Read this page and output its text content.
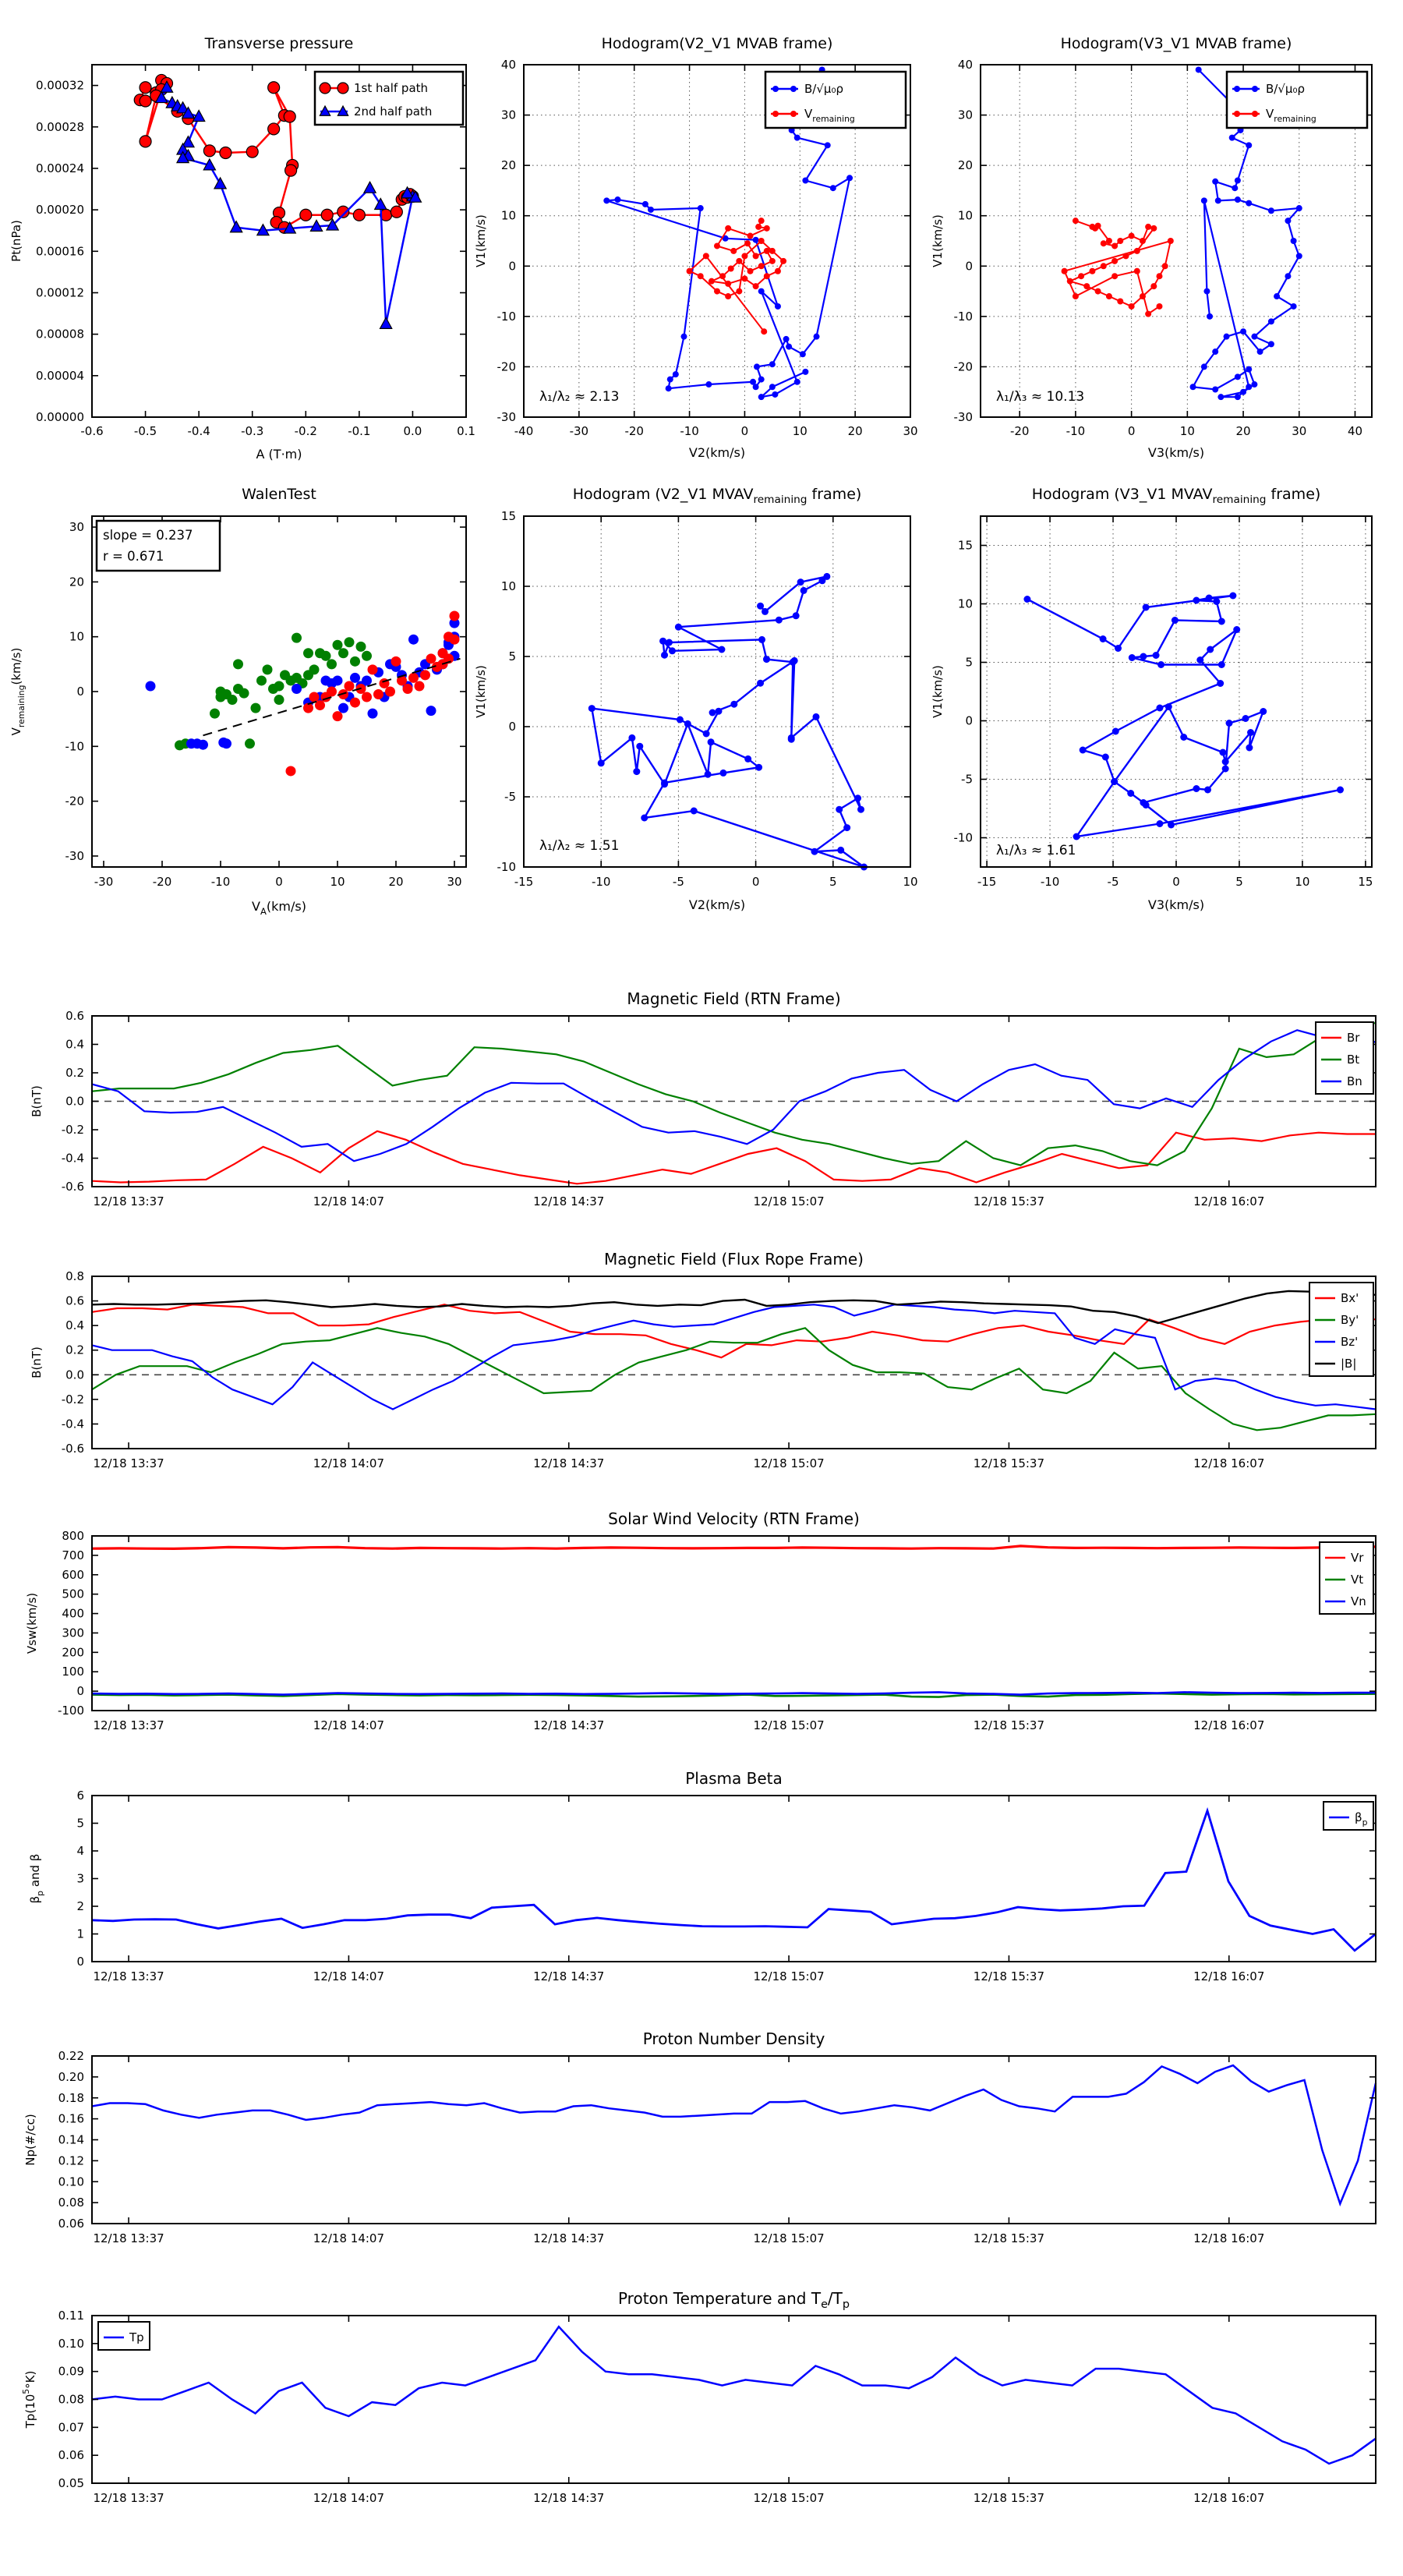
-0.6	-0.5	-0.4	-0.3	-0.2	-0.1	0.0	0.1
0.00000
0.00004
0.00008
0.00012
0.00016
0.00020
0.00024
0.00028
0.00032
Transverse pressure
A (T·m)
Pt(nPa)
1st half path
2nd half path
-40	-30	-20	-10	0	10	20	30
-30
-20
-10
0
10
20
30
40
Hodogram(V2_V1 MVAB frame)
V2(km/s)
V1(km/s)
λ₁/λ₂ ≈ 2.13
B/√μ₀ρ
$V_{remaining}$
-20	-10	0	10	20	30	40
-30
-20
-10
0
10
20
30
40
Hodogram(V3_V1 MVAB frame)
V3(km/s)
V1(km/s)
λ₁/λ₃ ≈ 10.13
B/√μ₀ρ
$V_{remaining}$
-30	-20	-10	0	10	20	30
-30
-20
-10
0
10
20
30
WalenTest
$V_A(km/s)$
$V_{remaining}(km/s)$
slope = 0.237
r = 0.671
-15	-10	-5	0	5	10
-10
-5
0
5
10
15
Hodogram (V2_V1 $MVAV_{remaining}$ frame)
V2(km/s)
V1(km/s)
λ₁/λ₂ ≈ 1.51
-15	-10	-5	0	5	10	15
-10
-5
0
5
10
15
Hodogram (V3_V1 $MVAV_{remaining}$ frame)
V3(km/s)
V1(km/s)
λ₁/λ₃ ≈ 1.61
12/18 13:37	12/18 14:07	12/18 14:37	12/18 15:07	12/18 15:37	12/18 16:07
-0.6
-0.4
-0.2
0.0
0.2
0.4
0.6
Magnetic Field (RTN Frame)
B(nT)
Br
Bt
Bn
12/18 13:37	12/18 14:07	12/18 14:37	12/18 15:07	12/18 15:37	12/18 16:07
-0.6
-0.4
-0.2
0.0
0.2
0.4
0.6
0.8
Magnetic Field (Flux Rope Frame)
B(nT)
Bx'
By'
Bz'
|B|
12/18 13:37	12/18 14:07	12/18 14:37	12/18 15:07	12/18 15:37	12/18 16:07
-100
0
100
200
300
400
500
600
700
800
Solar Wind Velocity (RTN Frame)
Vsw(km/s)
Vr
Vt
Vn
12/18 13:37	12/18 14:07	12/18 14:37	12/18 15:07	12/18 15:37	12/18 16:07
0
1
2
3
4
5
6
Plasma Beta
$\beta_p$ and β
$\beta_p$
12/18 13:37	12/18 14:07	12/18 14:37	12/18 15:07	12/18 15:37	12/18 16:07
0.06
0.08
0.10
0.12
0.14
0.16
0.18
0.20
0.22
Proton Number Density
Np(#/cc)
12/18 13:37	12/18 14:07	12/18 14:37	12/18 15:07	12/18 15:37	12/18 16:07
0.05
0.06
0.07
0.08
0.09
0.10
0.11
Proton Temperature and $T_e/T_p$
$Tp(10^5^\circ K)$
Tp
